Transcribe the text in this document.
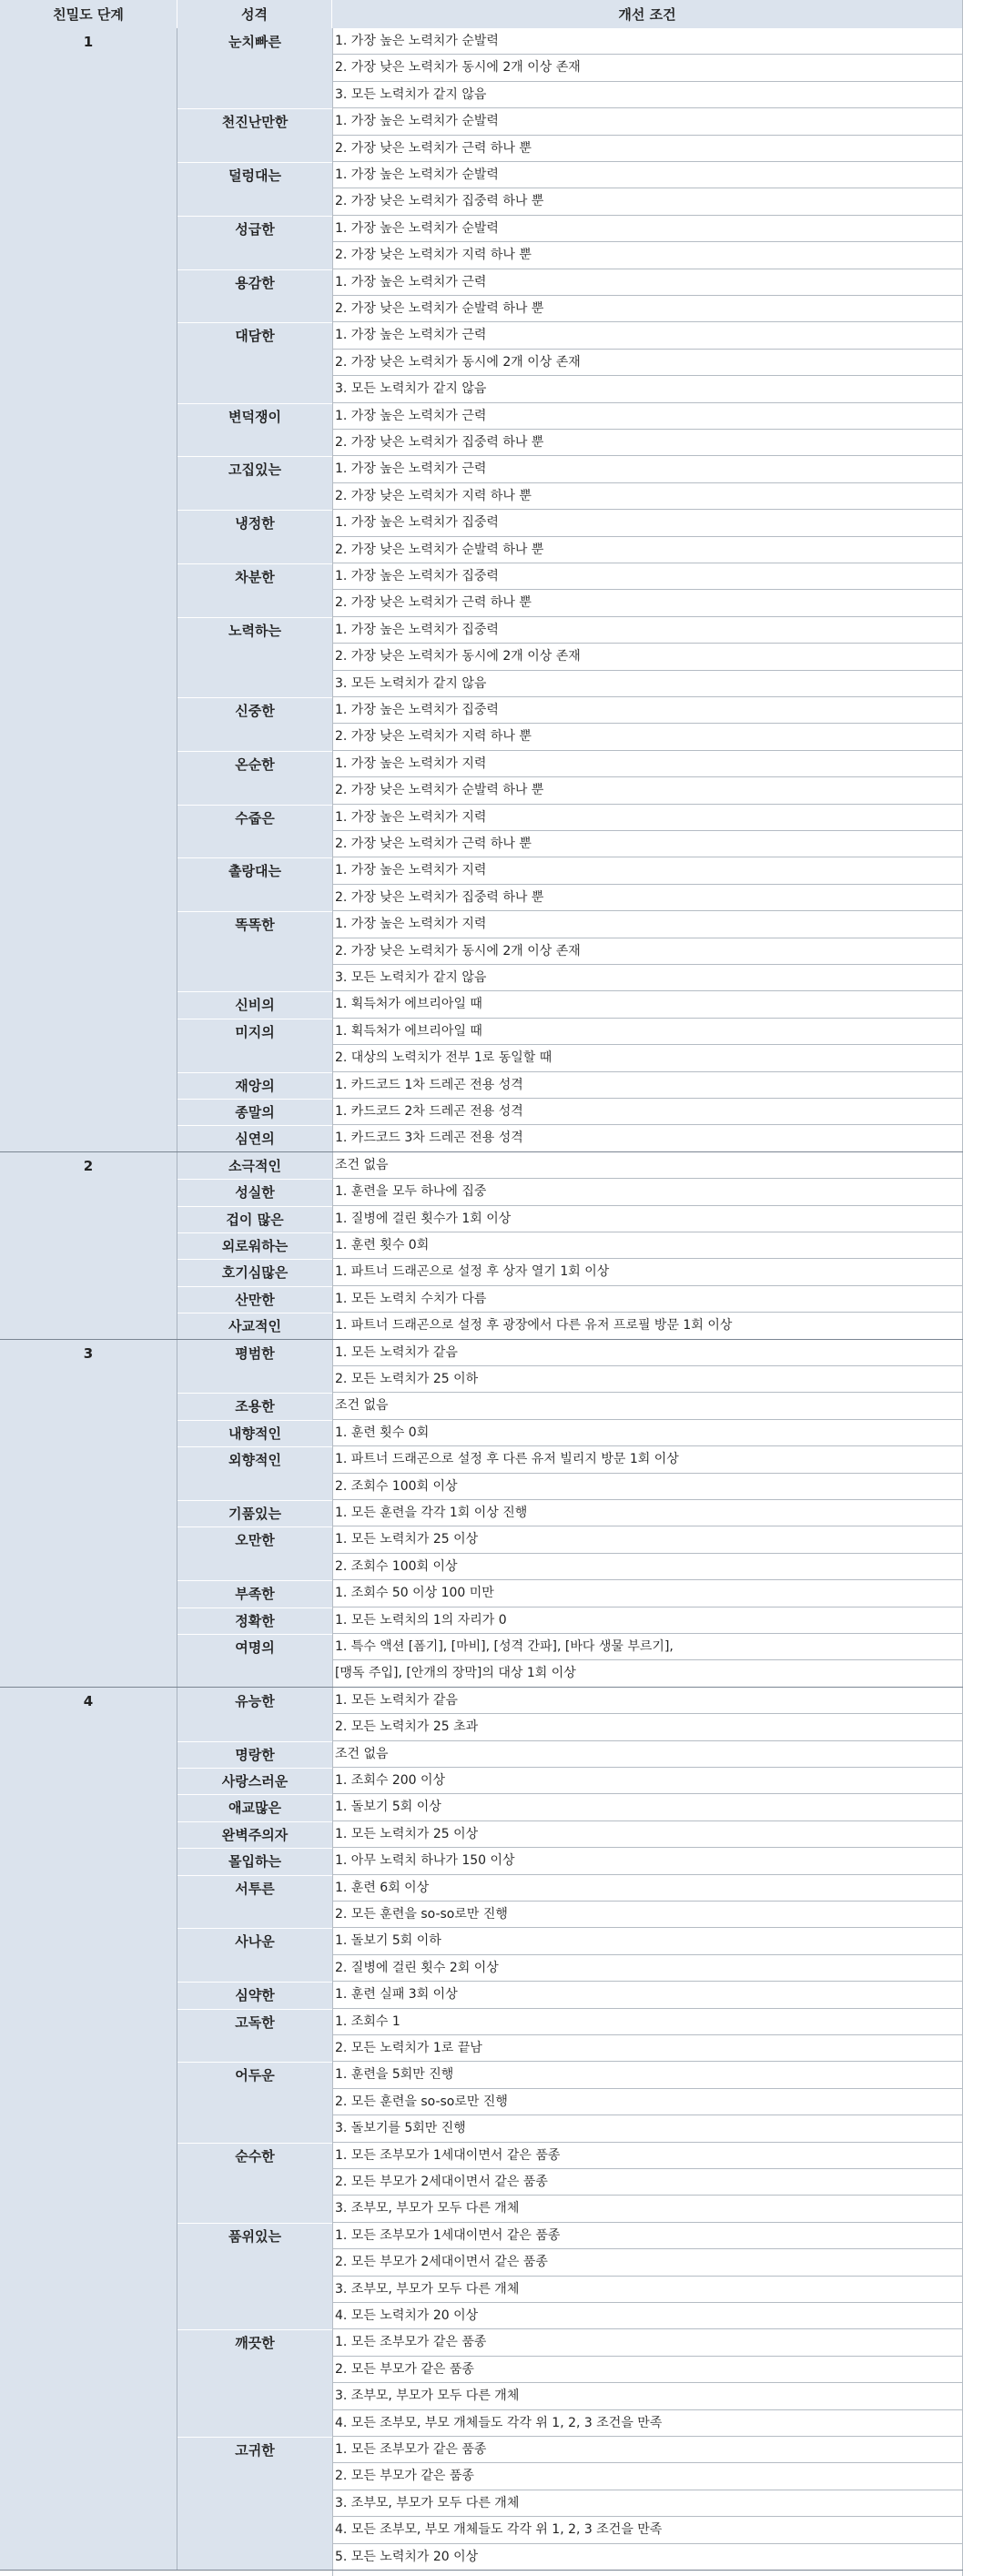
친밀도 단계	성격	개선 조건
1	눈치빠른	1. 가장 높은 노력치가 순발력
2. 가장 낮은 노력치가 동시에 2개 이상 존재
3. 모든 노력치가 같지 않음
천진난만한	1. 가장 높은 노력치가 순발력
2. 가장 낮은 노력치가 근력 하나 뿐
덜렁대는	1. 가장 높은 노력치가 순발력
2. 가장 낮은 노력치가 집중력 하나 뿐
성급한	1. 가장 높은 노력치가 순발력
2. 가장 낮은 노력치가 지력 하나 뿐
용감한	1. 가장 높은 노력치가 근력
2. 가장 낮은 노력치가 순발력 하나 뿐
대담한	1. 가장 높은 노력치가 근력
2. 가장 낮은 노력치가 동시에 2개 이상 존재
3. 모든 노력치가 같지 않음
변덕쟁이	1. 가장 높은 노력치가 근력
2. 가장 낮은 노력치가 집중력 하나 뿐
고집있는	1. 가장 높은 노력치가 근력
2. 가장 낮은 노력치가 지력 하나 뿐
냉정한	1. 가장 높은 노력치가 집중력
2. 가장 낮은 노력치가 순발력 하나 뿐
차분한	1. 가장 높은 노력치가 집중력
2. 가장 낮은 노력치가 근력 하나 뿐
노력하는	1. 가장 높은 노력치가 집중력
2. 가장 낮은 노력치가 동시에 2개 이상 존재
3. 모든 노력치가 같지 않음
신중한	1. 가장 높은 노력치가 집중력
2. 가장 낮은 노력치가 지력 하나 뿐
온순한	1. 가장 높은 노력치가 지력
2. 가장 낮은 노력치가 순발력 하나 뿐
수줍은	1. 가장 높은 노력치가 지력
2. 가장 낮은 노력치가 근력 하나 뿐
촐랑대는	1. 가장 높은 노력치가 지력
2. 가장 낮은 노력치가 집중력 하나 뿐
똑똑한	1. 가장 높은 노력치가 지력
2. 가장 낮은 노력치가 동시에 2개 이상 존재
3. 모든 노력치가 같지 않음
신비의	1. 획득처가 에브리아일 때
미지의	1. 획득처가 에브리아일 때
2. 대상의 노력치가 전부 1로 동일할 때
재앙의	1. 카드코드 1차 드레곤 전용 성격
종말의	1. 카드코드 2차 드레곤 전용 성격
심연의	1. 카드코드 3차 드레곤 전용 성격
2	소극적인	조건 없음
성실한	1. 훈련을 모두 하나에 집중
겁이 많은	1. 질병에 걸린 횟수가 1회 이상
외로워하는	1. 훈련 횟수 0회
호기심많은	1. 파트너 드래곤으로 설정 후 상자 열기 1회 이상
산만한	1. 모든 노력치 수치가 다름
사교적인	1. 파트너 드래곤으로 설정 후 광장에서 다른 유저 프로필 방문 1회 이상
3	평범한	1. 모든 노력치가 같음
2. 모든 노력치가 25 이하
조용한	조건 없음
내향적인	1. 훈련 횟수 0회
외향적인	1. 파트너 드래곤으로 설정 후 다른 유저 빌리지 방문 1회 이상
2. 조회수 100회 이상
기품있는	1. 모든 훈련을 각각 1회 이상 진행
오만한	1. 모든 노력치가 25 이상
2. 조회수 100회 이상
부족한	1. 조회수 50 이상 100 미만
정확한	1. 모든 노력치의 1의 자리가 0
여명의	1. 특수 액션 [폼기], [마비], [성격 간파], [바다 생물 부르기],
[맹독 주입], [안개의 장막]의 대상 1회 이상
4	유능한	1. 모든 노력치가 같음
2. 모든 노력치가 25 초과
명랑한	조건 없음
사랑스러운	1. 조회수 200 이상
애교많은	1. 돌보기 5회 이상
완벽주의자	1. 모든 노력치가 25 이상
몰입하는	1. 아무 노력치 하나가 150 이상
서투른	1. 훈련 6회 이상
2. 모든 훈련을 so-so로만 진행
사나운	1. 돌보기 5회 이하
2. 질병에 걸린 횟수 2회 이상
심약한	1. 훈련 실패 3회 이상
고독한	1. 조회수 1
2. 모든 노력치가 1로 끝남
어두운	1. 훈련을 5회만 진행
2. 모든 훈련을 so-so로만 진행
3. 돌보기를 5회만 진행
순수한	1. 모든 조부모가 1세대이면서 같은 품종
2. 모든 부모가 2세대이면서 같은 품종
3. 조부모, 부모가 모두 다른 개체
품위있는	1. 모든 조부모가 1세대이면서 같은 품종
2. 모든 부모가 2세대이면서 같은 품종
3. 조부모, 부모가 모두 다른 개체
4. 모든 노력치가 20 이상
깨끗한	1. 모든 조부모가 같은 품종
2. 모든 부모가 같은 품종
3. 조부모, 부모가 모두 다른 개체
4. 모든 조부모, 부모 개체들도 각각 위 1, 2, 3 조건을 만족
고귀한	1. 모든 조부모가 같은 품종
2. 모든 부모가 같은 품종
3. 조부모, 부모가 모두 다른 개체
4. 모든 조부모, 부모 개체들도 각각 위 1, 2, 3 조건을 만족
5. 모든 노력치가 20 이상
